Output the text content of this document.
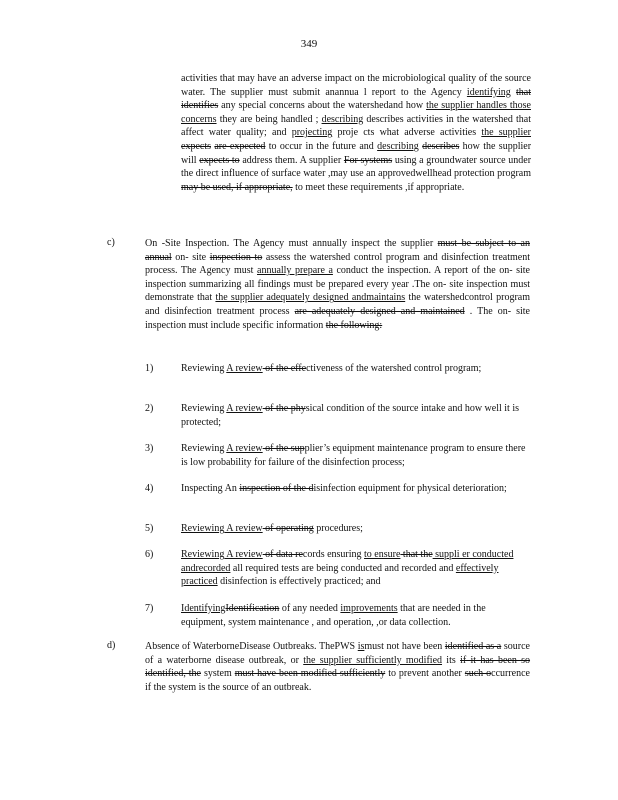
349
activities that may have an adverse impact on the microbiological quality of the source water. The supplier must submit anannua l report to the Agency identifying that identifies any special concerns about the watershedand how the supplier handles those concerns they are being handled ; describing describes activities in the watershed that affect water quality; and projecting proje cts what adverse activities the supplier expects are expected to occur in the future and describing describes how the supplier will expects to address them. A supplier For systems using a groundwater source under the direct influence of surface water ,may use an approvedwellhead protection program may be used, if appropriate, to meet these requirements ,if appropriate.
c)	On -Site Inspection. The Agency must annually inspect the supplier must be subject to an annual on- site inspection to assess the watershed control program and disinfection treatment process. The Agency must annually prepare a conduct the inspection. A report of the on- site inspection summarizing all findings must be prepared every year .The on- site inspection must demonstrate that the supplier adequately designed andmaintains the watershedcontrol program and disinfection treatment process are adequately designed and maintained . The on- site inspection must include specific information the following:
1)	Reviewing A review of the effectiveness of the watershed control program;
2)	Reviewing A review of the physical condition of the source intake and how well it is protected;
3)	Reviewing A review of the supplier’s equipment maintenance program to ensure there is low probability for failure of the disinfection process;
4)	Inspecting An inspection of the disinfection equipment for physical deterioration;
5)	Reviewing A review of operating procedures;
6)	Reviewing A review of data records ensuring to ensure that the suppli er conducted andrecorded all required tests are being conducted and recorded and effectively practiced disinfection is effectively practiced; and
7)	IdentifyingIdentification of any needed improvements that are needed in the equipment, system maintenance , and operation, ,or data collection.
d)	Absence of WaterborneDisease Outbreaks. ThePWS ismust not have been identified as a source of a waterborne disease outbreak, or the supplier sufficiently modified its if it has been so identified, the system must have been modified sufficiently to prevent another such occurrence if the system is the source of an outbreak.
